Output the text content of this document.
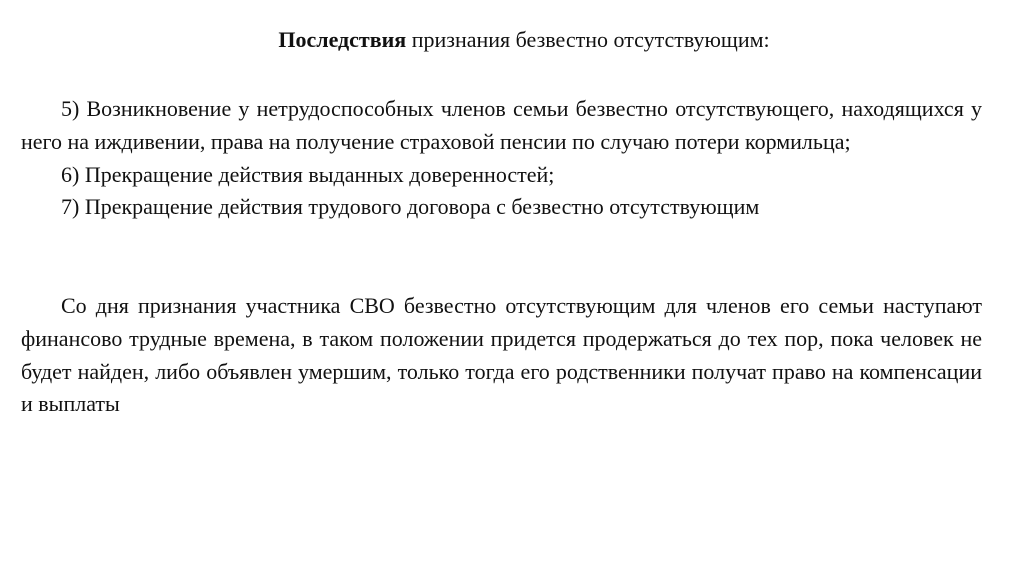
Последствия признания безвестно отсутствующим:

5) Возникновение у нетрудоспособных членов семьи безвестно отсутствующего, находящихся у него на иждивении, права на получение страховой пенсии по случаю потери кормильца;

6) Прекращение действия выданных доверенностей;

7) Прекращение действия трудового договора с безвестно отсутствующим

Со дня признания участника СВО безвестно отсутствующим для членов его семьи наступают финансово трудные времена, в таком положении придется продержаться до тех пор, пока человек не будет найден, либо объявлен умершим, только тогда его родственники получат право на компенсации и выплаты
